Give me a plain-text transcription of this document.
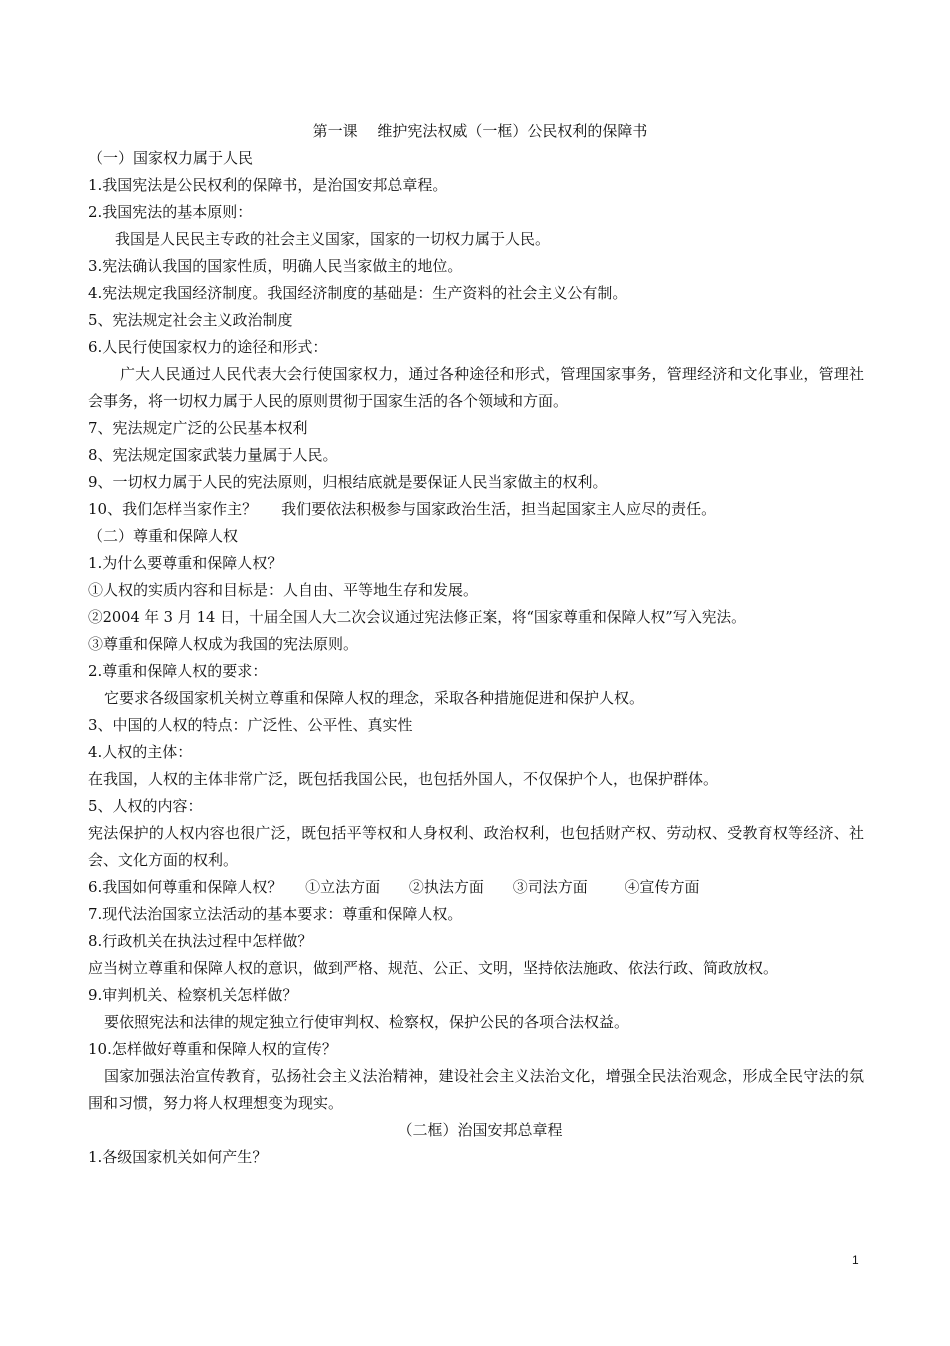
第一课　 维护宪法权威（一框）公民权利的保障书

（一）国家权力属于人民

1.我国宪法是公民权利的保障书，是治国安邦总章程。

2.我国宪法的基本原则：

我国是人民民主专政的社会主义国家，国家的一切权力属于人民。

3.宪法确认我国的国家性质，明确人民当家做主的地位。

4.宪法规定我国经济制度。我国经济制度的基础是：生产资料的社会主义公有制。

5、宪法规定社会主义政治制度

6.人民行使国家权力的途径和形式：

广大人民通过人民代表大会行使国家权力，通过各种途径和形式，管理国家事务，管理经济和文化事业，管理社会事务，将一切权力属于人民的原则贯彻于国家生活的各个领域和方面。

7、宪法规定广泛的公民基本权利

8、宪法规定国家武装力量属于人民。

9、一切权力属于人民的宪法原则，归根结底就是要保证人民当家做主的权利。

10、我们怎样当家作主？ 我们要依法积极参与国家政治生活，担当起国家主人应尽的责任。

（二）尊重和保障人权

1.为什么要尊重和保障人权？

①人权的实质内容和目标是：人自由、平等地生存和发展。

②2004 年 3 月 14 日，十届全国人大二次会议通过宪法修正案，将“国家尊重和保障人权”写入宪法。

③尊重和保障人权成为我国的宪法原则。

2.尊重和保障人权的要求：

它要求各级国家机关树立尊重和保障人权的理念，采取各种措施促进和保护人权。

3、中国的人权的特点：广泛性、公平性、真实性

4.人权的主体：

在我国，人权的主体非常广泛，既包括我国公民，也包括外国人，不仅保护个人，也保护群体。

5、人权的内容：

宪法保护的人权内容也很广泛，既包括平等权和人身权利、政治权利，也包括财产权、劳动权、受教育权等经济、社会、文化方面的权利。

6.我国如何尊重和保障人权？ ①立法方面 ②执法方面 ③司法方面 ④宣传方面

7.现代法治国家立法活动的基本要求：尊重和保障人权。

8.行政机关在执法过程中怎样做？

应当树立尊重和保障人权的意识，做到严格、规范、公正、文明，坚持依法施政、依法行政、简政放权。

9.审判机关、检察机关怎样做？

要依照宪法和法律的规定独立行使审判权、检察权，保护公民的各项合法权益。

10.怎样做好尊重和保障人权的宣传？

国家加强法治宣传教育，弘扬社会主义法治精神，建设社会主义法治文化，增强全民法治观念，形成全民守法的氛围和习惯，努力将人权理想变为现实。

（二框）治国安邦总章程

1.各级国家机关如何产生？

1
